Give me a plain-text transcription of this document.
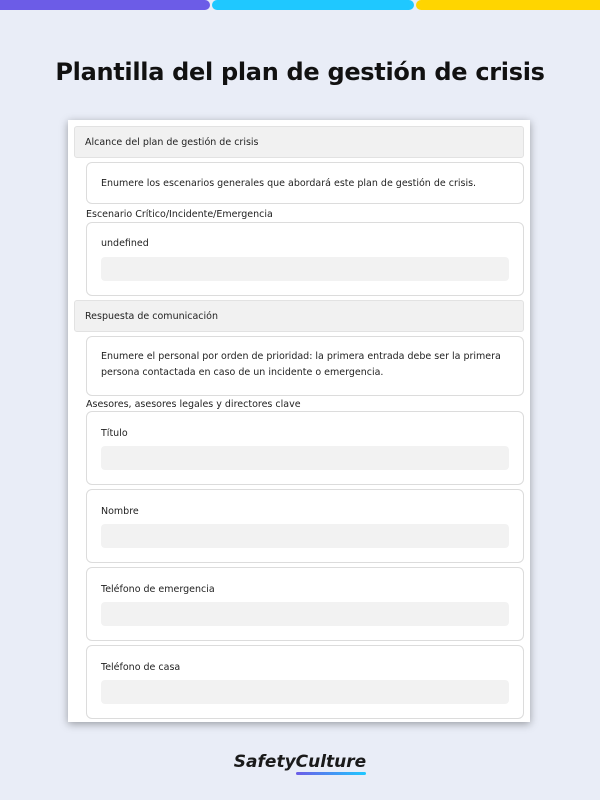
Plantilla del plan de gestión de crisis
Alcance del plan de gestión de crisis
Enumere los escenarios generales que abordará este plan de gestión de crisis.
Escenario Crítico/Incidente/Emergencia
undefined
Respuesta de comunicación
Enumere el personal por orden de prioridad: la primera entrada debe ser la primera persona contactada en caso de un incidente o emergencia.
Asesores, asesores legales y directores clave
Título
Nombre
Teléfono de emergencia
Teléfono de casa
SafetyCulture
